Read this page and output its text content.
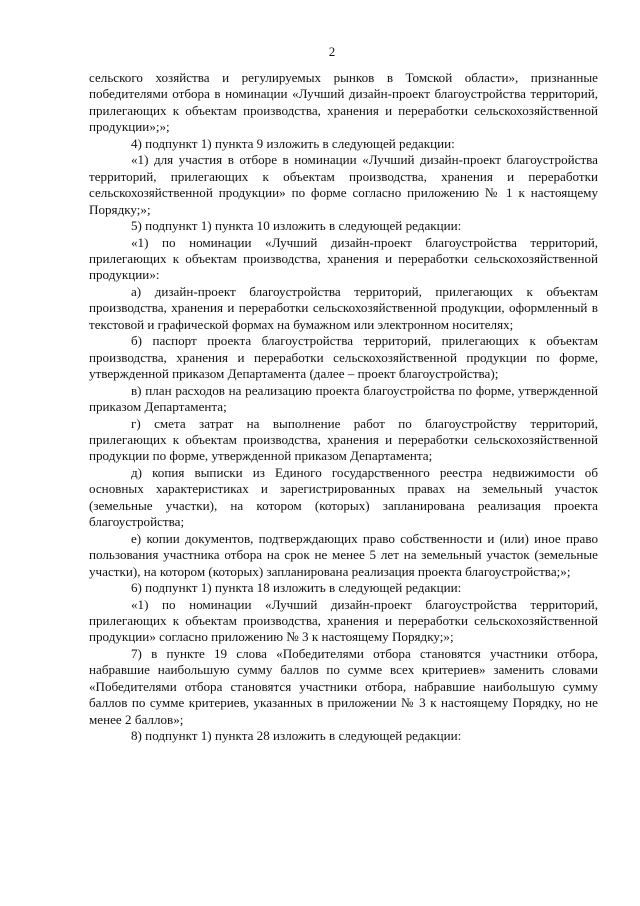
2

сельского хозяйства и регулируемых рынков в Томской области», признанные победителями отбора в номинации «Лучший дизайн-проект благоустройства территорий, прилегающих к объектам производства, хранения и переработки сельскохозяйственной продукции»;»;

4) подпункт 1) пункта 9 изложить в следующей редакции:

«1) для участия в отборе в номинации «Лучший дизайн-проект благоустройства территорий, прилегающих к объектам производства, хранения и переработки сельскохозяйственной продукции» по форме согласно приложению № 1 к настоящему Порядку;»;

5) подпункт 1) пункта 10 изложить в следующей редакции:

«1) по номинации «Лучший дизайн-проект благоустройства территорий, прилегающих к объектам производства, хранения и переработки сельскохозяйственной продукции»:

а) дизайн-проект благоустройства территорий, прилегающих к объектам производства, хранения и переработки сельскохозяйственной продукции, оформленный в текстовой и графической формах на бумажном или электронном носителях;

б) паспорт проекта благоустройства территорий, прилегающих к объектам производства, хранения и переработки сельскохозяйственной продукции по форме, утвержденной приказом Департамента (далее – проект благоустройства);

в) план расходов на реализацию проекта благоустройства по форме, утвержденной приказом Департамента;

г) смета затрат на выполнение работ по благоустройству территорий, прилегающих к объектам производства, хранения и переработки сельскохозяйственной продукции по форме, утвержденной приказом Департамента;

д) копия выписки из Единого государственного реестра недвижимости об основных характеристиках и зарегистрированных правах на земельный участок (земельные участки), на котором (которых) запланирована реализация проекта благоустройства;

е) копии документов, подтверждающих право собственности и (или) иное право пользования участника отбора на срок не менее 5 лет на земельный участок (земельные участки), на котором (которых) запланирована реализация проекта благоустройства;»;

6) подпункт 1) пункта 18 изложить в следующей редакции:

«1) по номинации «Лучший дизайн-проект благоустройства территорий, прилегающих к объектам производства, хранения и переработки сельскохозяйственной продукции» согласно приложению № 3 к настоящему Порядку;»;

7) в пункте 19 слова «Победителями отбора становятся участники отбора, набравшие наибольшую сумму баллов по сумме всех критериев» заменить словами «Победителями отбора становятся участники отбора, набравшие наибольшую сумму баллов по сумме критериев, указанных в приложении № 3 к настоящему Порядку, но не менее 2 баллов»;

8) подпункт 1) пункта 28 изложить в следующей редакции:
